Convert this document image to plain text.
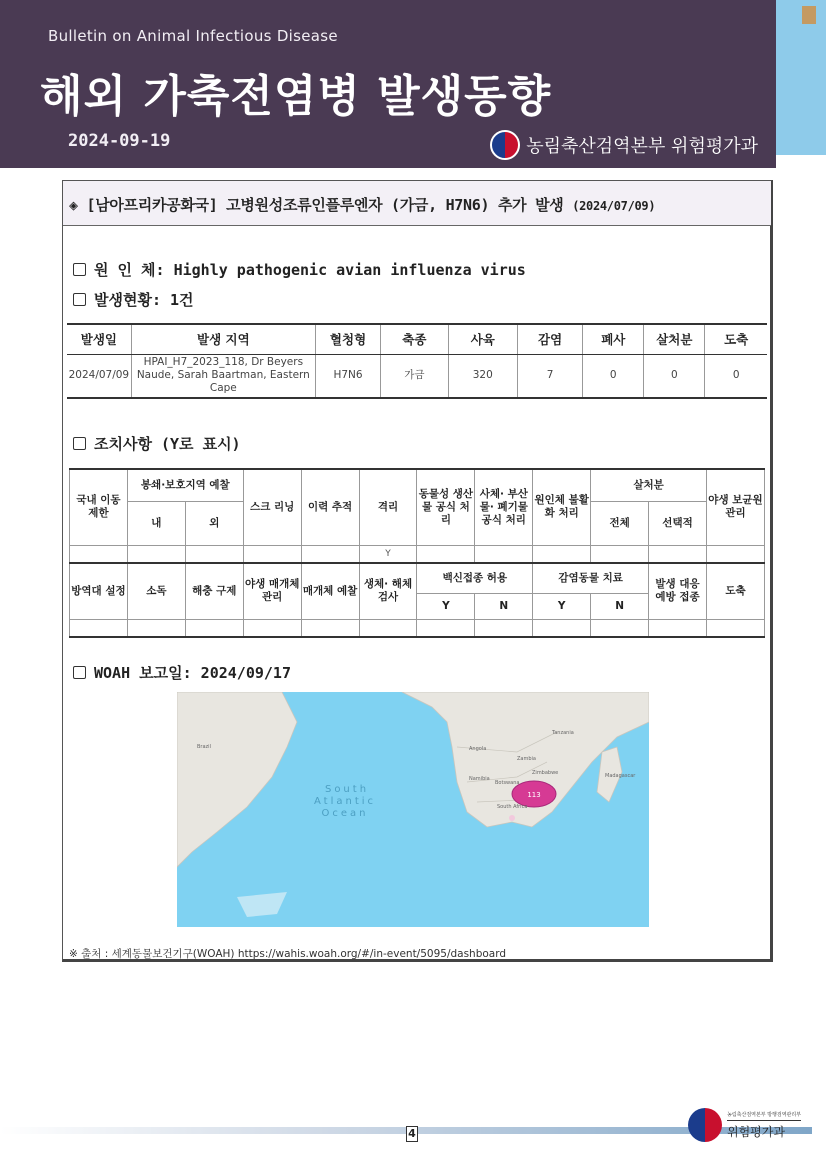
Bulletin on Animal Infectious Disease
해외 가축전염병 발생동향
2024-09-19	농림축산검역본부 위험평가과
◈ [남아프리카공화국] 고병원성조류인플루엔자 (가금, H7N6) 추가 발생 (2024/07/09)
원 인 체: Highly pathogenic avian influenza virus
발생현황: 1건
발생일	발생 지역	혈청형	축종	사육	감염	폐사	살처분	도축
2024/07/09	HPAI_H7_2023_118, Dr Beyers Naude, Sarah Baartman, Eastern Cape	H7N6	가금	320	7	0	0	0
조치사항 (Y로 표시)
국내 이동 제한	봉쇄·보호지역 예찰		스크 리닝	이력 추적	격리	동물성 생산물 공식 처리	사체· 부산물· 폐기물 공식 처리	원인체 불활화 처리	살처분		야생 보균원 관리
	내	외							전체	선택적	
					Y						
방역대 설정	소독	해충 구제	야생 매개체 관리	매개체 예찰	생체· 해체 검사	백신접종 허용		감염동물 치료		발생 대응 예방 접종	도축
						Y	N	Y	N		

WOAH 보고일: 2024/09/17
113
South
Atlantic
Ocean
Brazil	Angola
Zambia
Zimbabwe
Namibia
Botswana
South Africa
Tanzania
Madagascar
※ 출처 : 세계동물보건기구(WOAH) https://wahis.woah.org/#/in-event/5095/dashboard
4
농림축산검역본부 방행검역관리부
위험평가과
